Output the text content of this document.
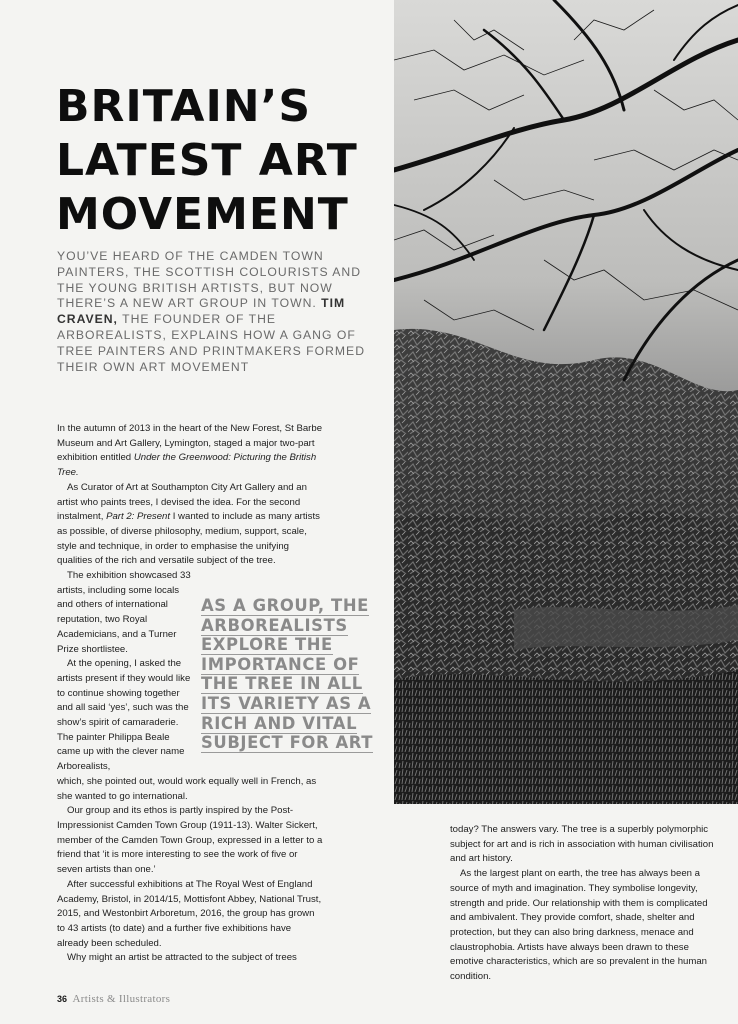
BRITAIN’S LATEST ART MOVEMENT

YOU’VE HEARD OF THE CAMDEN TOWN PAINTERS, THE SCOTTISH COLOURISTS AND THE YOUNG BRITISH ARTISTS, BUT NOW THERE’S A NEW ART GROUP IN TOWN. TIM CRAVEN, THE FOUNDER OF THE ARBOREALISTS, EXPLAINS HOW A GANG OF TREE PAINTERS AND PRINTMAKERS FORMED THEIR OWN ART MOVEMENT

In the autumn of 2013 in the heart of the New Forest, St Barbe Museum and Art Gallery, Lymington, staged a major two-part exhibition entitled Under the Greenwood: Picturing the British Tree.

As Curator of Art at Southampton City Art Gallery and an artist who paints trees, I devised the idea. For the second instalment, Part 2: Present I wanted to include as many artists as possible, of diverse philosophy, medium, support, scale, style and technique, in order to emphasise the unifying qualities of the rich and versatile subject of the tree.

The exhibition showcased 33 artists, including some locals and others of international reputation, two Royal Academicians, and a Turner Prize shortlistee.

At the opening, I asked the artists present if they would like to continue showing together and all said ‘yes’, such was the show’s spirit of camaraderie. The painter Philippa Beale came up with the clever name Arborealists,

which, she pointed out, would work equally well in French, as she wanted to go international.

Our group and its ethos is partly inspired by the Post-Impressionist Camden Town Group (1911-13). Walter Sickert, member of the Camden Town Group, expressed in a letter to a friend that ‘it is more interesting to see the work of five or seven artists than one.’

After successful exhibitions at The Royal West of England Academy, Bristol, in 2014/15, Mottisfont Abbey, National Trust, 2015, and Westonbirt Arboretum, 2016, the group has grown to 43 artists (to date) and a further five exhibitions have already been scheduled.

Why might an artist be attracted to the subject of trees

AS A GROUP, THE ARBOREALISTS EXPLORE THE IMPORTANCE OF THE TREE IN ALL ITS VARIETY AS A RICH AND VITAL SUBJECT FOR ART

today? The answers vary. The tree is a superbly polymorphic subject for art and is rich in association with human civilisation and art history.

As the largest plant on earth, the tree has always been a source of myth and imagination. They symbolise longevity, strength and pride. Our relationship with them is complicated and ambivalent. They provide comfort, shade, shelter and protection, but they can also bring darkness, menace and claustrophobia. Artists have always been drawn to these emotive characteristics, which are so prevalent in the human condition.

36 Artists & Illustrators
